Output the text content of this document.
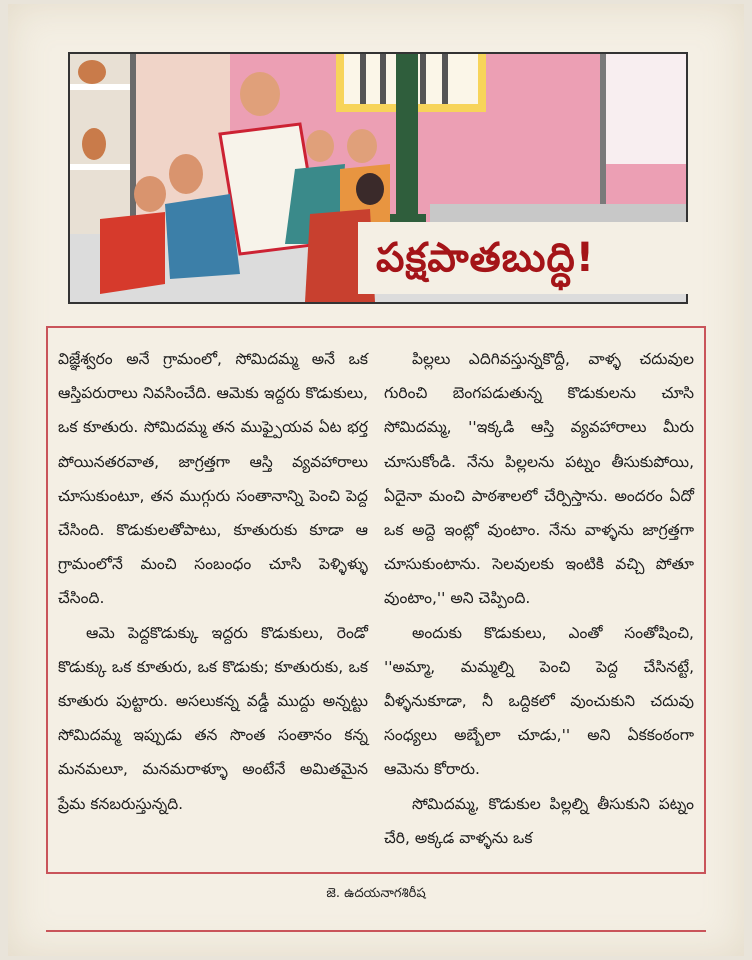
పక్షపాతబుద్ధి!

విజ్ఞేశ్వరం అనే గ్రామంలో, సోమిదమ్మ అనే ఒక ఆస్తిపరురాలు నివసించేది. ఆమెకు ఇద్దరు కొడుకులు, ఒక కూతురు. సోమిదమ్మ తన ముఫ్పైయవ ఏట భర్త పోయినతరవాత, జాగ్రత్తగా ఆస్తి వ్యవహారాలు చూసుకుంటూ, తన ముగ్గురు సంతానాన్ని పెంచి పెద్ద చేసింది. కొడుకులతోపాటు, కూతురుకు కూడా ఆ గ్రామంలోనే మంచి సంబంధం చూసి పెళ్ళిళ్ళు చేసింది.

ఆమె పెద్దకొడుక్కు ఇద్దరు కొడుకులు, రెండో కొడుక్కు ఒక కూతురు, ఒక కొడుకు; కూతురుకు, ఒక కూతురు పుట్టారు. అసలుకన్న వడ్డీ ముద్దు అన్నట్టు సోమిదమ్మ ఇప్పుడు తన సొంత సంతానం కన్న మనమలూ, మనమరాళ్ళూ అంటేనే అమితమైన ప్రేమ కనబరుస్తున్నది.

పిల్లలు ఎదిగివస్తున్నకొద్దీ, వాళ్ళ చదువుల గురించి బెంగపడుతున్న కొడుకులను చూసి సోమిదమ్మ, ''ఇక్కడి ఆస్తి వ్యవహారాలు మీరు చూసుకోండి. నేను పిల్లలను పట్నం తీసుకుపోయి, ఏదైనా మంచి పాఠశాలలో చేర్పిస్తాను. అందరం ఏదో ఒక అద్దె ఇంట్లో వుంటాం. నేను వాళ్ళను జాగ్రత్తగా చూసుకుంటాను. సెలవులకు ఇంటికి వచ్చి పోతూ వుంటాం,'' అని చెప్పింది.

అందుకు కొడుకులు, ఎంతో సంతోషించి, ''అమ్మా, మమ్మల్ని పెంచి పెద్ద చేసినట్టే, వీళ్ళనుకూడా, నీ ఒద్దికలో వుంచుకుని చదువు సంధ్యలు అబ్బేలా చూడు,'' అని ఏకకంఠంగా ఆమెను కోరారు.

సోమిదమ్మ, కొడుకుల పిల్లల్ని తీసుకుని పట్నం చేరి, అక్కడ వాళ్ళను ఒక

జె. ఉదయనాగశిరీష
